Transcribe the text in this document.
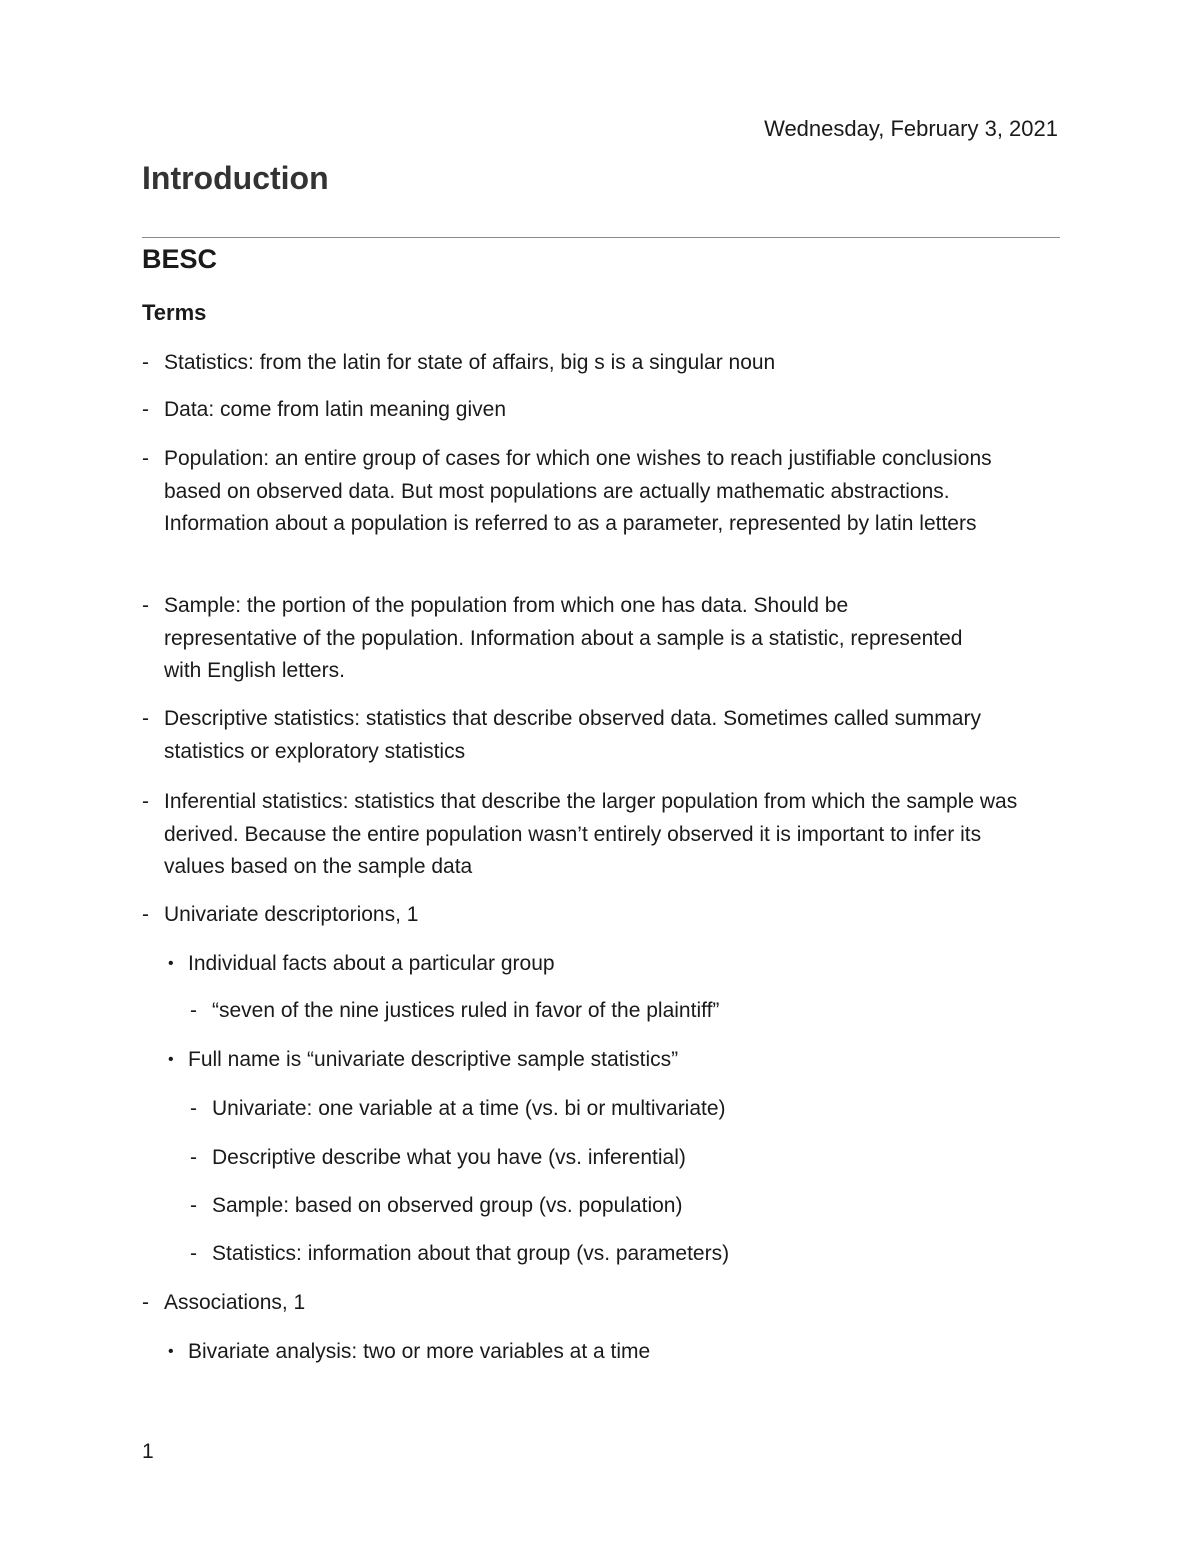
Wednesday, February 3, 2021
Introduction
BESC
Terms
- Statistics: from the latin for state of affairs, big s is a singular noun
- Data: come from latin meaning given
- Population: an entire group of cases for which one wishes to reach justifiable conclusions based on observed data. But most populations are actually mathematic abstractions. Information about a population is referred to as a parameter, represented by latin letters
- Sample: the portion of the population from which one has data. Should be representative of the population. Information about a sample is a statistic, represented with English letters.
- Descriptive statistics: statistics that describe observed data. Sometimes called summary statistics or exploratory statistics
- Inferential statistics: statistics that describe the larger population from which the sample was derived. Because the entire population wasn’t entirely observed it is important to infer its values based on the sample data
- Univariate descriptorions, 1
• Individual facts about a particular group
- “seven of the nine justices ruled in favor of the plaintiff”
• Full name is “univariate descriptive sample statistics”
- Univariate: one variable at a time (vs. bi or multivariate)
- Descriptive describe what you have (vs. inferential)
- Sample: based on observed group (vs. population)
- Statistics: information about that group (vs. parameters)
- Associations, 1
• Bivariate analysis: two or more variables at a time
1
